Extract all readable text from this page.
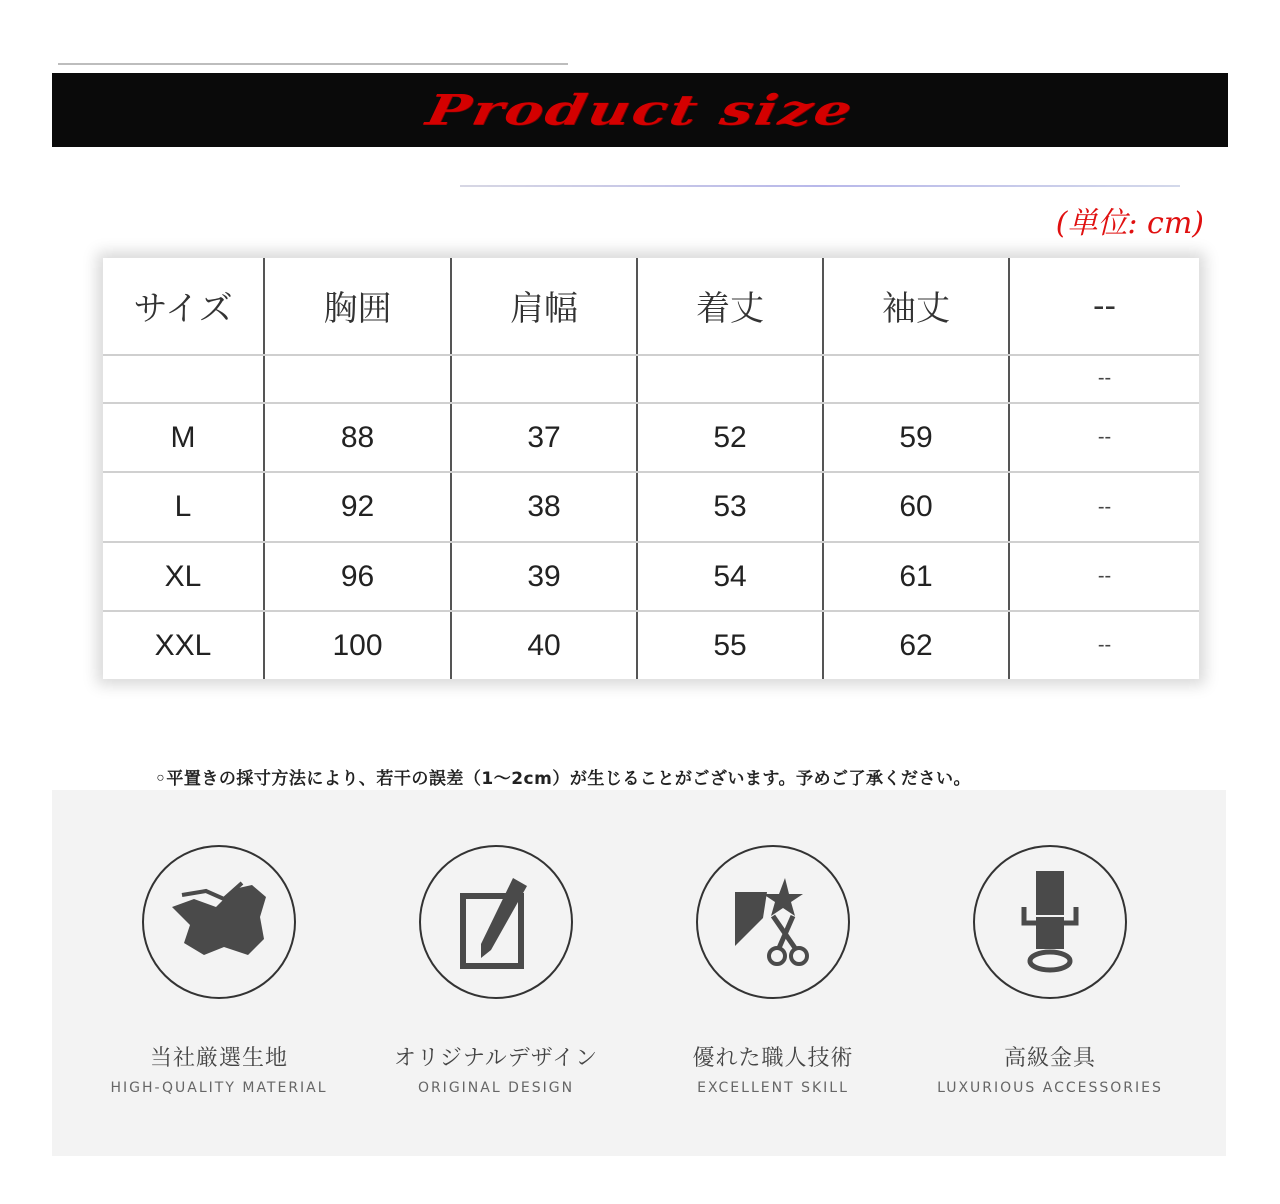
Product size
(単位: cm)
サイズ	胸囲	肩幅	着丈	袖丈	--
					--
M	88	37	52	59	--
L	92	38	53	60	--
XL	96	39	54	61	--
XXL	100	40	55	62	--
◦平置きの採寸方法により、若干の誤差（1～2cm）が生じることがございます。予めご了承ください。
当社厳選生地
HIGH-QUALITY MATERIAL
オリジナルデザイン
ORIGINAL DESIGN
優れた職人技術
EXCELLENT SKILL
高級金具
LUXURIOUS ACCESSORIES
